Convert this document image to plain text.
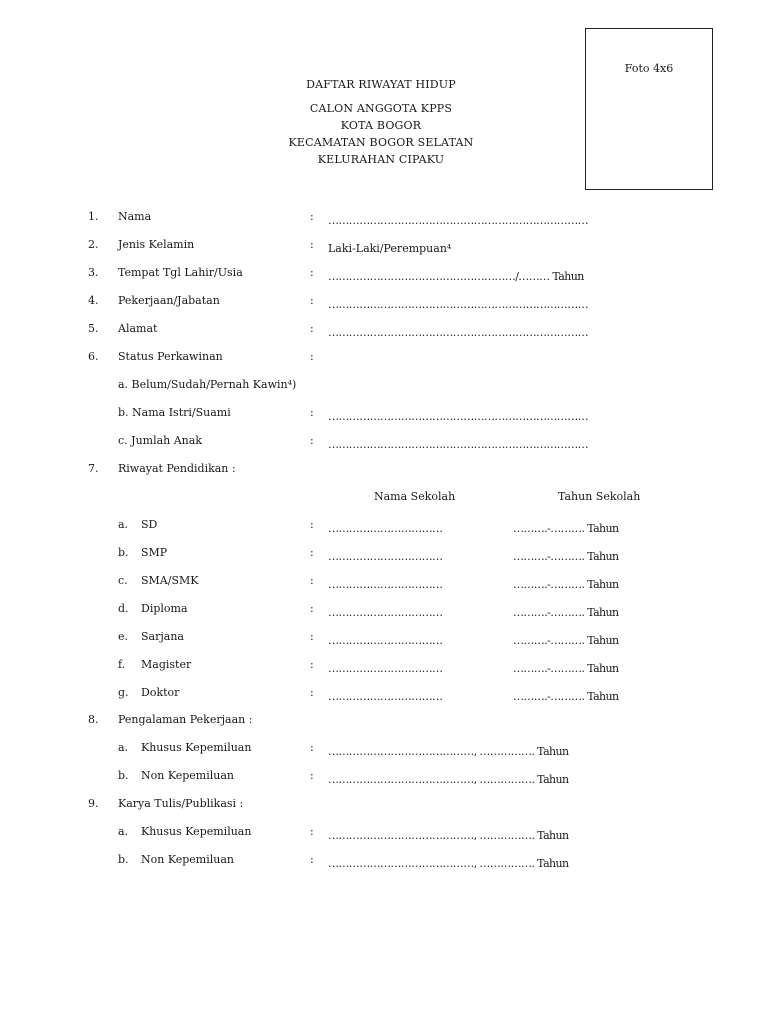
Foto 4x6
DAFTAR RIWAYAT HIDUP
CALON ANGGOTA KPPS
KOTA BOGOR
KECAMATAN BOGOR SELATAN
KELURAHAN CIPAKU
1. Nama	: …………………………………………………………………
2. Jenis Kelamin	: Laki-Laki/Perempuan⁴
3. Tempat Tgl Lahir/Usia	: ………………………………………………/……… Tahun
4. Pekerjaan/Jabatan	: …………………………………………………………………
5. Alamat	: …………………………………………………………………
6. Status Perkawinan	:
a. Belum/Sudah/Pernah Kawin⁴)
b. Nama Istri/Suami	: …………………………………………………………………
c. Jumlah Anak	: …………………………………………………………………
7. Riwayat Pendidikan :
Nama Sekolah	Tahun Sekolah
a. SD	: ……………………………	……….-………. Tahun
b. SMP	: ……………………………	……….-………. Tahun
c. SMA/SMK	: ……………………………	……….-………. Tahun
d. Diploma	: ……………………………	……….-………. Tahun
e. Sarjana	: ……………………………	……….-………. Tahun
f. Magister	: ……………………………	……….-………. Tahun
g. Doktor	: ……………………………	……….-………. Tahun
8. Pengalaman Pekerjaan :
a. Khusus Kepemiluan	: ……………………………………, ……………. Tahun
b. Non Kepemiluan	: ……………………………………, ……………. Tahun
9. Karya Tulis/Publikasi :
a. Khusus Kepemiluan	: ……………………………………, ……………. Tahun
b. Non Kepemiluan	: ……………………………………, ……………. Tahun
